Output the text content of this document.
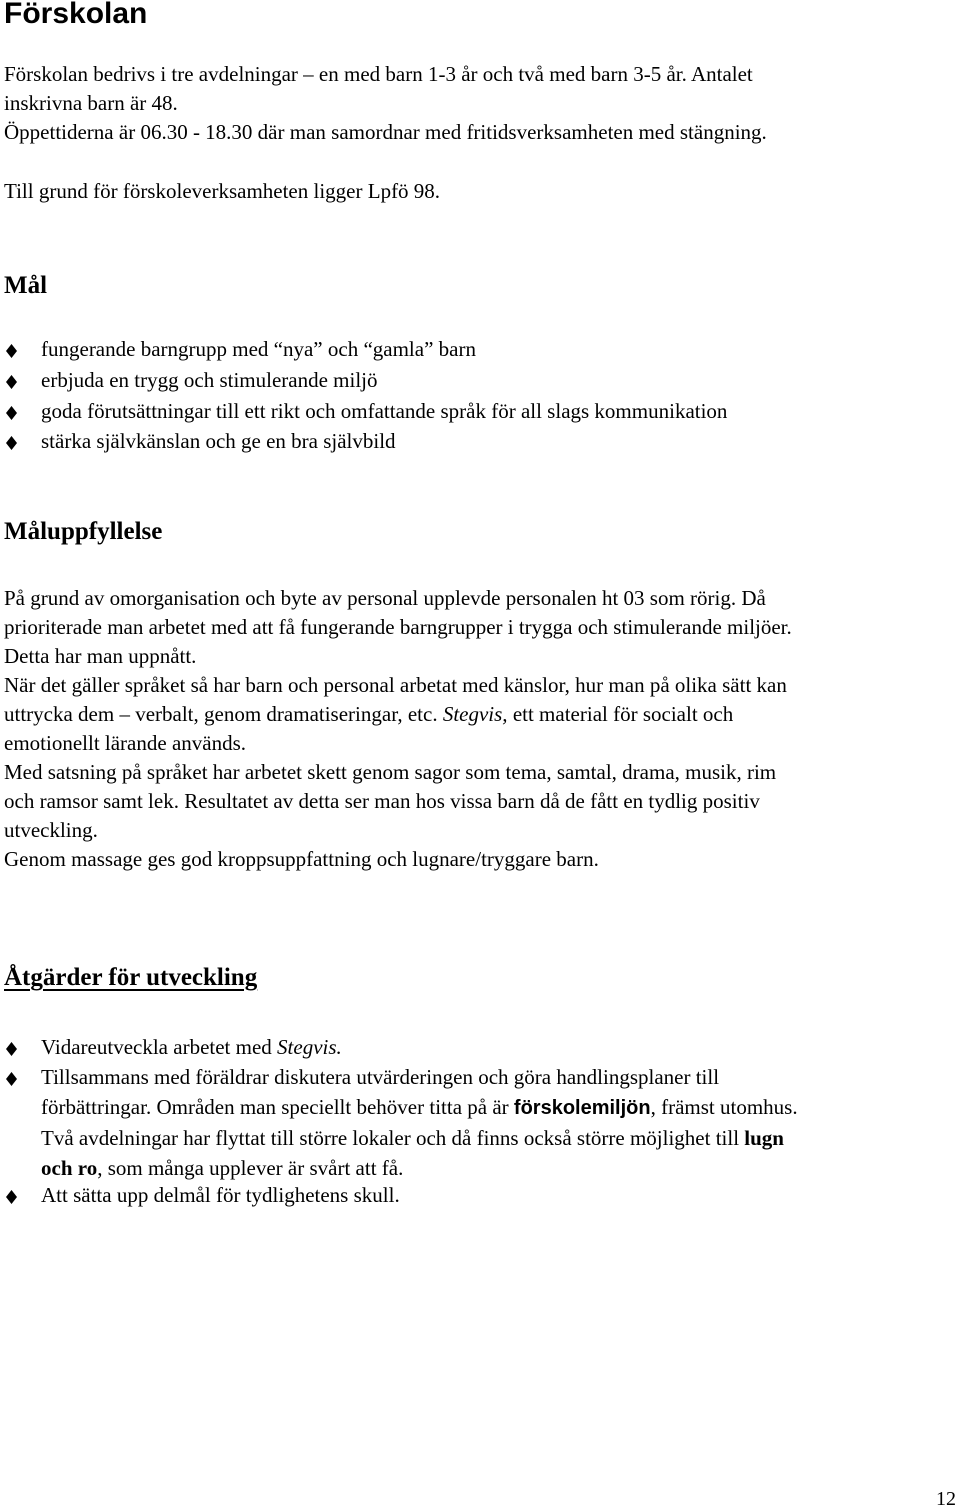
Förskolan

Förskolan bedrivs i tre avdelningar – en med barn 1-3 år och två med barn 3-5 år. Antalet

inskrivna barn är 48.

Öppettiderna är 06.30 - 18.30 där man samordnar med fritidsverksamheten med stängning.

Till grund för förskoleverksamheten ligger Lpfö 98.

Mål
fungerande barngrupp med “nya” och “gamla” barn
erbjuda en trygg och stimulerande miljö
goda förutsättningar till ett rikt och omfattande språk för all slags kommunikation
stärka självkänslan och ge en bra självbild
Måluppfyllelse

På grund av omorganisation och byte av personal upplevde personalen ht 03 som rörig. Då

prioriterade man arbetet med att få fungerande barngrupper i trygga och stimulerande miljöer.

Detta har man uppnått.

När det gäller språket så har barn och personal arbetat med känslor, hur man på olika sätt kan

uttrycka dem – verbalt, genom dramatiseringar, etc. Stegvis, ett material för socialt och

emotionellt lärande används.

Med satsning på språket har arbetet skett genom sagor som tema, samtal, drama, musik, rim

och ramsor samt lek. Resultatet av detta ser man hos vissa barn då de fått en tydlig positiv

utveckling.

Genom massage ges god kroppsuppfattning och lugnare/tryggare barn.

Åtgärder för utveckling
Vidareutveckla arbetet med Stegvis.
Tillsammans med föräldrar diskutera utvärderingen och göra handlingsplaner till
förbättringar. Områden man speciellt behöver titta på är förskolemiljön, främst utomhus.
Två avdelningar har flyttat till större lokaler och då finns också större möjlighet till lugn
och ro, som många upplever är svårt att få.
Att sätta upp delmål för tydlighetens skull.
12
